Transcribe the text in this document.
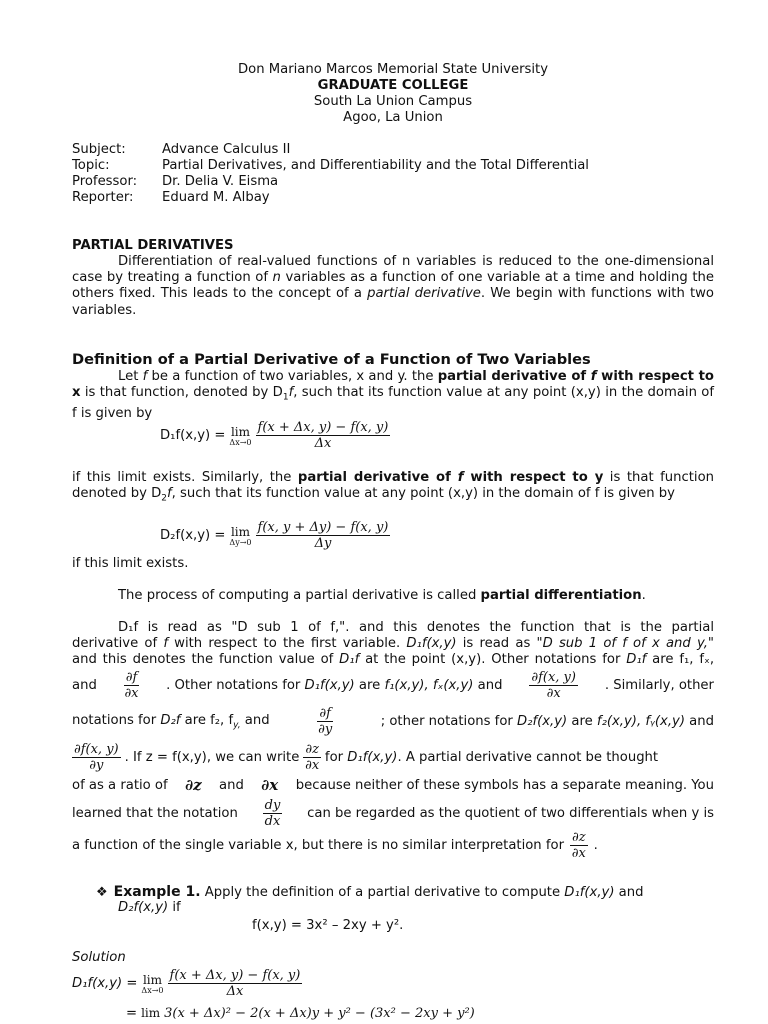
Don Mariano Marcos Memorial State University
GRADUATE COLLEGE
South La Union Campus
Agoo, La Union
Subject:	Advance Calculus II
Topic:	Partial Derivatives, and Differentiability and the Total Differential
Professor: Dr. Delia V. Eisma
Reporter: Eduard M. Albay
PARTIAL DERIVATIVES
Differentiation of real-valued functions of n variables is reduced to the one-dimensional case by treating a function of n variables as a function of one variable at a time and holding the others fixed. This leads to the concept of a partial derivative. We begin with functions with two variables.
Definition of a Partial Derivative of a Function of Two Variables
Let f be a function of two variables, x and y. the partial derivative of f with respect to x is that function, denoted by $D_1f$, such that its function value at any point (x,y) in the domain of f is given by
D₁f(x,y) = lim
$\Delta x\to 0 \frac{f(x + \Delta x, y) - f(x, y)}{\Delta x}$
if this limit exists. Similarly, the partial derivative of f with respect to y is that function denoted by $D_2f$, such that its function value at any point (x,y) in the domain of f is given by
D₂f(x,y) = lim
$\Delta y\to 0 \frac{f(x, y + \Delta y) - f(x, y)}{\Delta y}$
if this limit exists.
The process of computing a partial derivative is called partial differentiation.
D₁f is read as "D sub 1 of f,". and this denotes the function that is the partial
derivative of f with respect to the first variable. D₁f(x,y) is read as "D sub 1 of f of x and y,"
and this denotes the function value of D₁f at the point (x,y). Other notations for D₁f are f₁, fₓ,
and $\frac{\partial f}{\partial x}$ . Other notations for D₁f(x,y) are f₁(x,y), fₓ(x,y) and $\frac{\partial f(x, y)}{\partial x}$ . Similarly, other
notations for D₂f are f₂, $f_{y,}$ and	$\frac{\partial f}{\partial y}$	; other notations for D₂f(x,y) are f₂(x,y), fᵧ(x,y) and
$\frac{\partial f(x, y)}{\partial y}$ . If z = f(x,y), we can write $\frac{\partial z}{\partial x}$ for D₁f(x,y). A partial derivative cannot be thought
of as a ratio of ∂z and ∂x because neither of these symbols has a separate meaning. You
learned that the notation $\frac{dy}{dx}$ can be regarded as the quotient of two differentials when y is
a function of the single variable x, but there is no similar interpretation for $\frac{\partial z}{\partial x}$ .
❖ Example 1. Apply the definition of a partial derivative to compute D₁f(x,y) and
D₂f(x,y) if
f(x,y) = 3x² – 2xy + y².
Solution
D₁f(x,y) = lim
$\Delta x\to 0 \frac{f(x + \Delta x, y) - f(x, y)}{\Delta x}$
= lim 3(x + Δx)² − 2(x + Δx)y + y² − (3x² − 2xy + y²)
